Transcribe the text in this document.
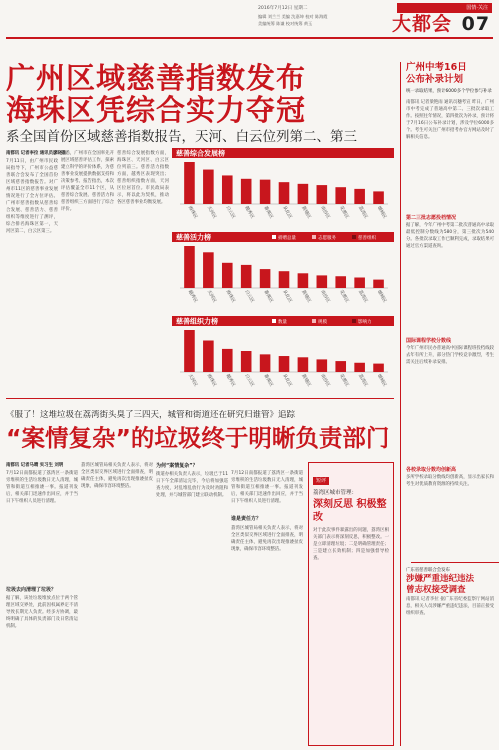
2016年7月12日 星期二
编辑 刘兰兰 美编 沈嘉坤 校对 陈海霞
美编统筹 陈谦 校对统筹 黄玉
国情·关注
大都会 07
广州区域慈善指数发布
海珠区凭综合实力夺冠
系全国首份区域慈善指数报告，天河、白云位列第二、第三
南都讯 记者李拉 通讯员廖晓准
7月11日，由广州市民政局指导下，广州市公益慈善联合会发布了全国首份区域慈善指数报告。对广州市11区的慈善事业发展情况进行了全方位评估。广州市慈善指数从慈善综合发展、慈善活力、慈善组织等维度进行了测评，综合排名海珠区第一，天河区第二，白云区第三。
据悉，广州市在全国率先开展区域慈善评估工作，探索建立科学的评价体系，为慈善事业发展提供数据支持和决策参考。报告指出，本次评估覆盖全市11个区，从慈善综合发展、慈善活力和慈善组织三方面进行了综合评价。
慈善综合发展指数方面，海珠区、天河区、白云区位列前三。慈善活力指数方面，越秀区表现突出；慈善组织指数方面，天河区位居首位。市民政局表示，将以此为契机，推动各区慈善事业均衡发展。
慈善综合发展榜
海珠区	天河区	白云区	越秀区	番禺区	从化区	黄埔区	南沙区	花都区	荔湾区	增城区
慈善活力榜	捐赠总量	志愿服务	慈善组织
越秀区	天河区	海珠区	白云区	番禺区	从化区	黄埔区	南沙区	花都区	荔湾区	增城区
慈善组织力榜	数量	规模	影响力
天河区	海珠区	越秀区	白云区	番禺区	从化区	黄埔区	南沙区	花都区	荔湾区	增城区
《服了！这堆垃圾在荔湾街头臭了三四天，城管和街道还在研究归谁管》追踪
“案情复杂”的垃圾终于明晰负责部门
南都讯 记者马晴 实习生 刘明
7月12日南都报道了荔湾区一条街道旁堆积的生活垃圾数日无人清理，城管和街道互相推诿一事。报道刊发后，相关部门迅速作出回应，并于当日下午组织人员进行清理。
垃圾去向清理了垃圾？
据了解，该处垃圾堆放点位于两个管理区域交界处，此前因权属界定不清导致长期无人负责。经多方协调，最终明确了具体的负责部门及日常清运机制。
荔湾区城管局相关负责人表示，将对全区类似交界区域进行全面排查，明确责任主体，避免再次出现推诿扯皮现象，确保市容环境整洁。
为何“案情复杂”？
街道办相关负责人表示，垃圾已于11日下午全部清运完毕，今后将加强巡查力度，对乱堆乱放行为及时劝阻和处理，并与城管部门建立联动机制。
谁是责任方？
7月12日南都报道了荔湾区一条街道旁堆积的生活垃圾数日无人清理，城管和街道互相推诿一事。报道刊发后，相关部门迅速作出回应，并于当日下午组织人员进行清理。
荔湾区城管局相关负责人表示，将对全区类似交界区域进行全面排查，明确责任主体，避免再次出现推诿扯皮现象，确保市容环境整洁。
短评
荔湾区城市管理：
深刻反思 积极整改
对于此次事件暴露出的问题，荔湾区相关部门表示将深刻反思，积极整改。一是立即清理垃圾；二是明确管理责任；三是建立长效机制；四是加强督导检查。
广州中考16日
公布补录计划
统一录取结果，预计6000多个学位参与补录
南都讯 记者梁艳雨 通讯员穗考宣 昨日，广州市中考完成了普通高中第二、三批次录取工作。按照往年情况，第四批次为补录，预计将于7月16日公布补录计划，涉及学位6000多个。考生可关注广州市招考办官方网站及时了解相关信息。
第二三批志愿投档情况
据了解，今年广州中考第二批次普通高中录取最低控制分数线为580分，第三批次为540分。各批次录取工作已顺利完成，录取结果可通过官方渠道查询。
国际课程学校分数线
今年广州市民办普通高中国际课程班投档线较去年有所上升，部分热门学校竞争激烈，考生需关注后续补录安排。
各校录取分数均创新高
多所学校录取分数线均创新高，显示出家长和考生对优质教育资源的持续关注。
广东省慈善联合会发布
涉嫌严重违纪违法
曾志权接受调查
南都讯 记者李拉 据广东省纪委监察厅网站消息，相关人员涉嫌严重违纪违法，目前正接受组织审查。
